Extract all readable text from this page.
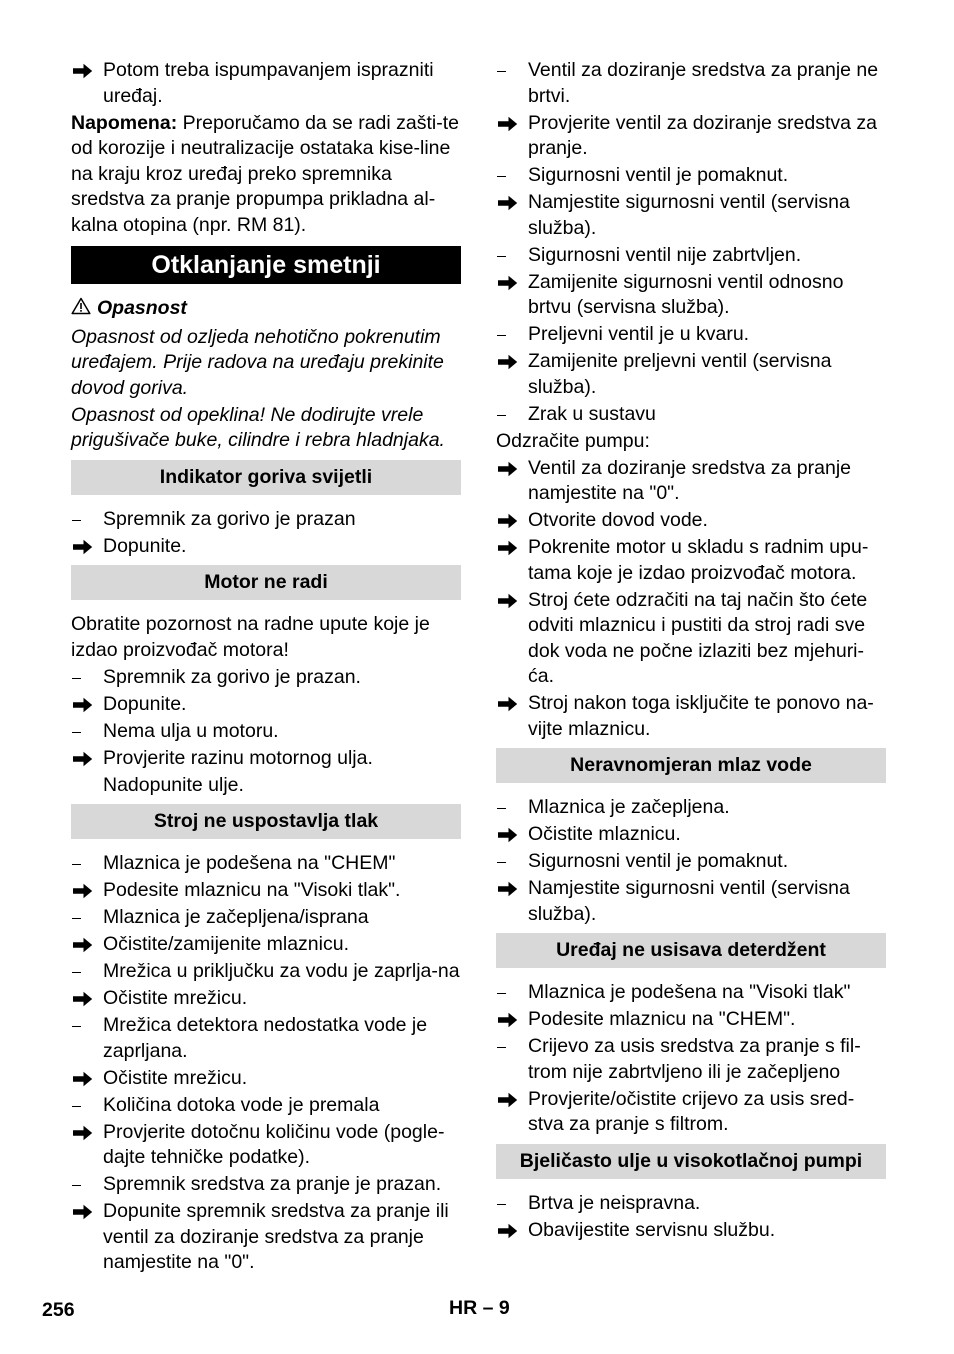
Potom treba ispumpavanjem isprazniti uređaj.
Napomena: Preporučamo da se radi zašti-te od korozije i neutralizacije ostataka kise-line na kraju kroz uređaj preko spremnika sredstva za pranje propumpa prikladna al-kalna otopina (npr. RM 81).
Otklanjanje smetnji
Opasnost
Opasnost od ozljeda nehotično pokrenutim uređajem. Prije radova na uređaju prekinite dovod goriva.
Opasnost od opeklina! Ne dodirujte vrele prigušivače buke, cilindre i rebra hladnjaka.
Indikator goriva svijetli
Spremnik za gorivo je prazan
Dopunite.
Motor ne radi
Obratite pozornost na radne upute koje je izdao proizvođač motora!
Spremnik za gorivo je prazan.
Dopunite.
Nema ulja u motoru.
Provjerite razinu motornog ulja.
Nadopunite ulje.
Stroj ne uspostavlja tlak
Mlaznica je podešena na "CHEM"
Podesite mlaznicu na "Visoki tlak".
Mlaznica je začepljena/isprana
Očistite/zamijenite mlaznicu.
Mrežica u priključku za vodu je zaprlja-na
Očistite mrežicu.
Mrežica detektora nedostatka vode je zaprljana.
Očistite mrežicu.
Količina dotoka vode je premala
Provjerite dotočnu količinu vode (pogle-dajte tehničke podatke).
Spremnik sredstva za pranje je prazan.
Dopunite spremnik sredstva za pranje ili ventil za doziranje sredstva za pranje namjestite na "0".
Ventil za doziranje sredstva za pranje ne brtvi.
Provjerite ventil za doziranje sredstva za pranje.
Sigurnosni ventil je pomaknut.
Namjestite sigurnosni ventil (servisna služba).
Sigurnosni ventil nije zabrtvljen.
Zamijenite sigurnosni ventil odnosno brtvu (servisna služba).
Preljevni ventil je u kvaru.
Zamijenite preljevni ventil (servisna služba).
Zrak u sustavu
Odzračite pumpu:
Ventil za doziranje sredstva za pranje namjestite na "0".
Otvorite dovod vode.
Pokrenite motor u skladu s radnim upu-tama koje je izdao proizvođač motora.
Stroj ćete odzračiti na taj način što ćete odviti mlaznicu i pustiti da stroj radi sve dok voda ne počne izlaziti bez mjehuri-ća.
Stroj nakon toga isključite te ponovo na-vijte mlaznicu.
Neravnomjeran mlaz vode
Mlaznica je začepljena.
Očistite mlaznicu.
Sigurnosni ventil je pomaknut.
Namjestite sigurnosni ventil (servisna služba).
Uređaj ne usisava deterdžent
Mlaznica je podešena na "Visoki tlak"
Podesite mlaznicu na "CHEM".
Crijevo za usis sredstva za pranje s fil-trom nije zabrtvljeno ili je začepljeno
Provjerite/očistite crijevo za usis sred-stva za pranje s filtrom.
Bjeličasto ulje u visokotlačnoj pumpi
Brtva je neispravna.
Obavijestite servisnu službu.
256	HR – 9
